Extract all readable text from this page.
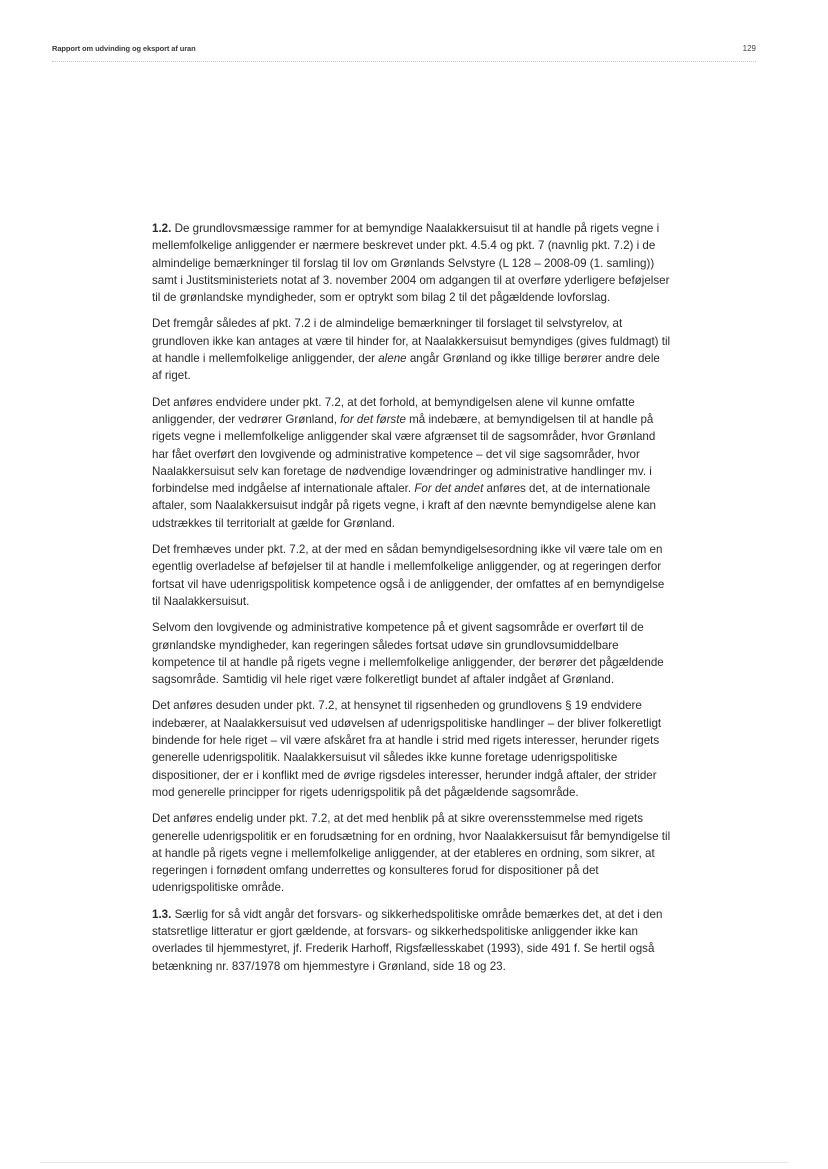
Rapport om udvinding og eksport af uran	129

1.2. De grundlovsmæssige rammer for at bemyndige Naalakkersuisut til at handle på rigets vegne i mellemfolkelige anliggender er nærmere beskrevet under pkt. 4.5.4 og pkt. 7 (navnlig pkt. 7.2) i de almindelige bemærkninger til forslag til lov om Grønlands Selvstyre (L 128 – 2008-09 (1. samling)) samt i Justitsministeriets notat af 3. november 2004 om adgangen til at overføre yderligere beføjelser til de grønlandske myndigheder, som er optrykt som bilag 2 til det pågældende lovforslag.

Det fremgår således af pkt. 7.2 i de almindelige bemærkninger til forslaget til selvstyrelov, at grundloven ikke kan antages at være til hinder for, at Naalakkersuisut bemyndiges (gives fuldmagt) til at handle i mellemfolkelige anliggender, der alene angår Grønland og ikke tillige berører andre dele af riget.

Det anføres endvidere under pkt. 7.2, at det forhold, at bemyndigelsen alene vil kunne omfatte anliggender, der vedrører Grønland, for det første må indebære, at bemyndigelsen til at handle på rigets vegne i mellemfolkelige anliggender skal være afgrænset til de sagsområder, hvor Grønland har fået overført den lovgivende og administrative kompetence – det vil sige sagsområder, hvor Naalakkersuisut selv kan foretage de nødvendige lovændringer og administrative handlinger mv. i forbindelse med indgåelse af internationale aftaler. For det andet anføres det, at de internationale aftaler, som Naalakkersuisut indgår på rigets vegne, i kraft af den nævnte bemyndigelse alene kan udstrækkes til territorialt at gælde for Grønland.

Det fremhæves under pkt. 7.2, at der med en sådan bemyndigelsesordning ikke vil være tale om en egentlig overladelse af beføjelser til at handle i mellemfolkelige anliggender, og at regeringen derfor fortsat vil have udenrigspolitisk kompetence også i de anliggender, der omfattes af en bemyndigelse til Naalakkersuisut.

Selvom den lovgivende og administrative kompetence på et givent sagsområde er overført til de grønlandske myndigheder, kan regeringen således fortsat udøve sin grundlovsumiddelbare kompetence til at handle på rigets vegne i mellemfolkelige anliggender, der berører det pågældende sagsområde. Samtidig vil hele riget være folkeretligt bundet af aftaler indgået af Grønland.

Det anføres desuden under pkt. 7.2, at hensynet til rigsenheden og grundlovens § 19 endvidere indebærer, at Naalakkersuisut ved udøvelsen af udenrigspolitiske handlinger – der bliver folkeretligt bindende for hele riget – vil være afskåret fra at handle i strid med rigets interesser, herunder rigets generelle udenrigspolitik. Naalakkersuisut vil således ikke kunne foretage udenrigspolitiske dispositioner, der er i konflikt med de øvrige rigsdeles interesser, herunder indgå aftaler, der strider mod generelle principper for rigets udenrigspolitik på det pågældende sagsområde.

Det anføres endelig under pkt. 7.2, at det med henblik på at sikre overensstemmelse med rigets generelle udenrigspolitik er en forudsætning for en ordning, hvor Naalakkersuisut får bemyndigelse til at handle på rigets vegne i mellemfolkelige anliggender, at der etableres en ordning, som sikrer, at regeringen i fornødent omfang underrettes og konsulteres forud for dispositioner på det udenrigspolitiske område.

1.3. Særlig for så vidt angår det forsvars- og sikkerhedspolitiske område bemærkes det, at det i den statsretlige litteratur er gjort gældende, at forsvars- og sikkerhedspolitiske anliggender ikke kan overlades til hjemmestyret, jf. Frederik Harhoff, Rigsfællesskabet (1993), side 491 f. Se hertil også betænkning nr. 837/1978 om hjemmestyre i Grønland, side 18 og 23.
